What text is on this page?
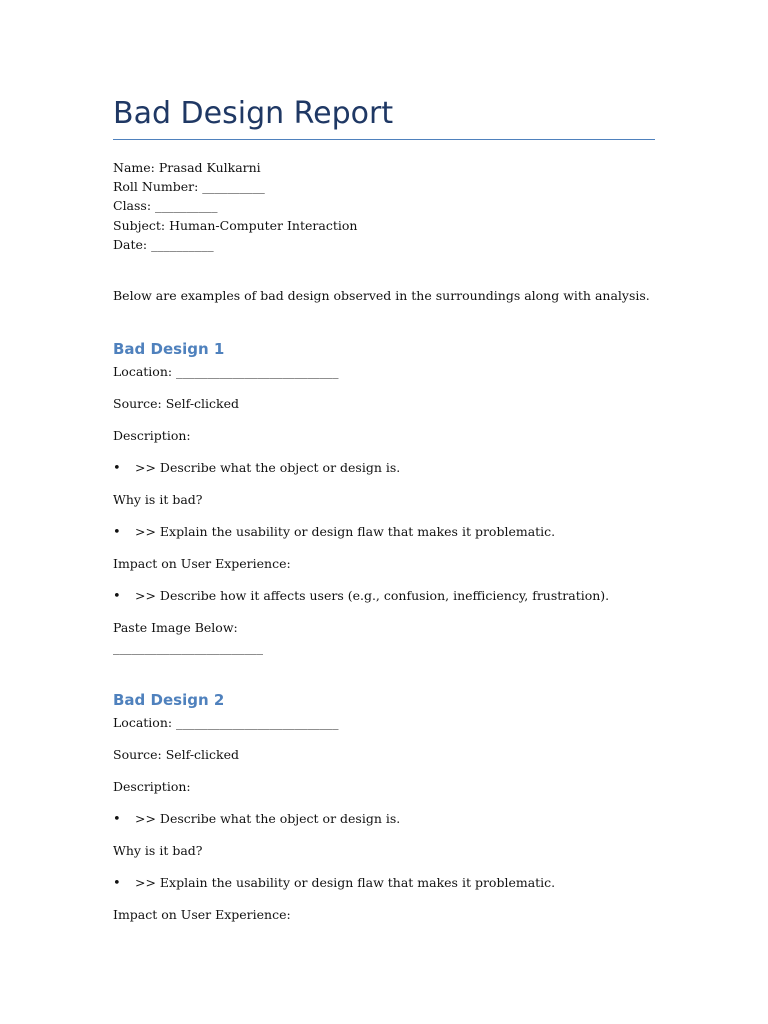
Bad Design Report
Name: Prasad Kulkarni
Roll Number: __________
Class: __________
Subject: Human-Computer Interaction
Date: __________
Below are examples of bad design observed in the surroundings along with analysis.
Bad Design 1
Location: __________________________
Source: Self-clicked
Description:
• >> Describe what the object or design is.
Why is it bad?
• >> Explain the usability or design flaw that makes it problematic.
Impact on User Experience:
• >> Describe how it affects users (e.g., confusion, inefficiency, frustration).
Paste Image Below:
________________________
Bad Design 2
Location: __________________________
Source: Self-clicked
Description:
• >> Describe what the object or design is.
Why is it bad?
• >> Explain the usability or design flaw that makes it problematic.
Impact on User Experience:
